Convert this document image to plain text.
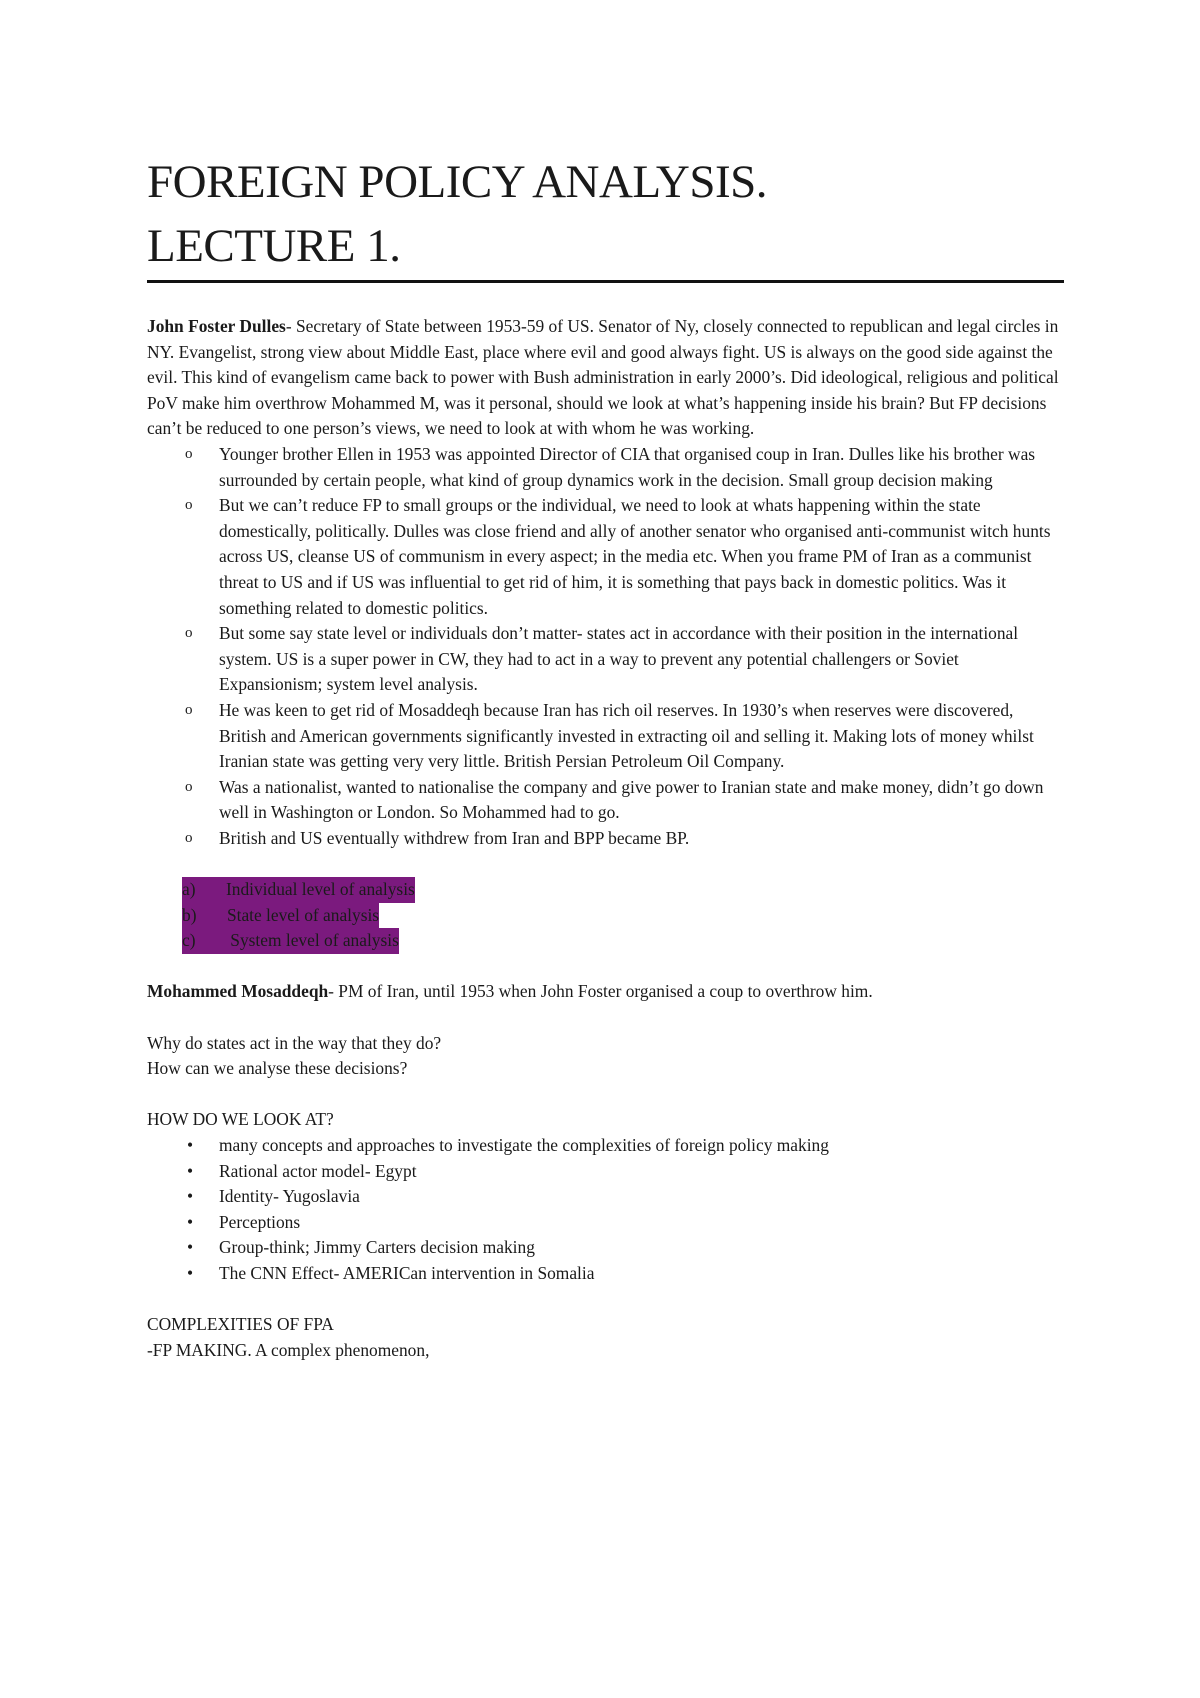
FOREIGN POLICY ANALYSIS.
LECTURE 1.

John Foster Dulles- Secretary of State between 1953-59 of US. Senator of Ny, closely connected to republican and legal circles in NY. Evangelist, strong view about Middle East, place where evil and good always fight. US is always on the good side against the evil. This kind of evangelism came back to power with Bush administration in early 2000’s. Did ideological, religious and political PoV make him overthrow Mohammed M, was it personal, should we look at what’s happening inside his brain? But FP decisions can’t be reduced to one person’s views, we need to look at with whom he was working.

o Younger brother Ellen in 1953 was appointed Director of CIA that organised coup in Iran. Dulles like his brother was surrounded by certain people, what kind of group dynamics work in the decision. Small group decision making
o But we can’t reduce FP to small groups or the individual, we need to look at whats happening within the state domestically, politically. Dulles was close friend and ally of another senator who organised anti-communist witch hunts across US, cleanse US of communism in every aspect; in the media etc. When you frame PM of Iran as a communist threat to US and if US was influential to get rid of him, it is something that pays back in domestic politics. Was it something related to domestic politics.
o But some say state level or individuals don’t matter- states act in accordance with their position in the international system. US is a super power in CW, they had to act in a way to prevent any potential challengers or Soviet Expansionism; system level analysis.
o He was keen to get rid of Mosaddeqh because Iran has rich oil reserves. In 1930’s when reserves were discovered, British and American governments significantly invested in extracting oil and selling it. Making lots of money whilst Iranian state was getting very very little. British Persian Petroleum Oil Company.
o Was a nationalist, wanted to nationalise the company and give power to Iranian state and make money, didn’t go down well in Washington or London. So Mohammed had to go.
o British and US eventually withdrew from Iran and BPP became BP.
a) Individual level of analysis
b) State level of analysis
c) System level of analysis

Mohammed Mosaddeqh- PM of Iran, until 1953 when John Foster organised a coup to overthrow him.

Why do states act in the way that they do?

How can we analyse these decisions?

HOW DO WE LOOK AT?

• many concepts and approaches to investigate the complexities of foreign policy making
• Rational actor model- Egypt
• Identity- Yugoslavia
• Perceptions
• Group-think; Jimmy Carters decision making
• The CNN Effect- AMERICan intervention in Somalia

COMPLEXITIES OF FPA

-FP MAKING. A complex phenomenon,
